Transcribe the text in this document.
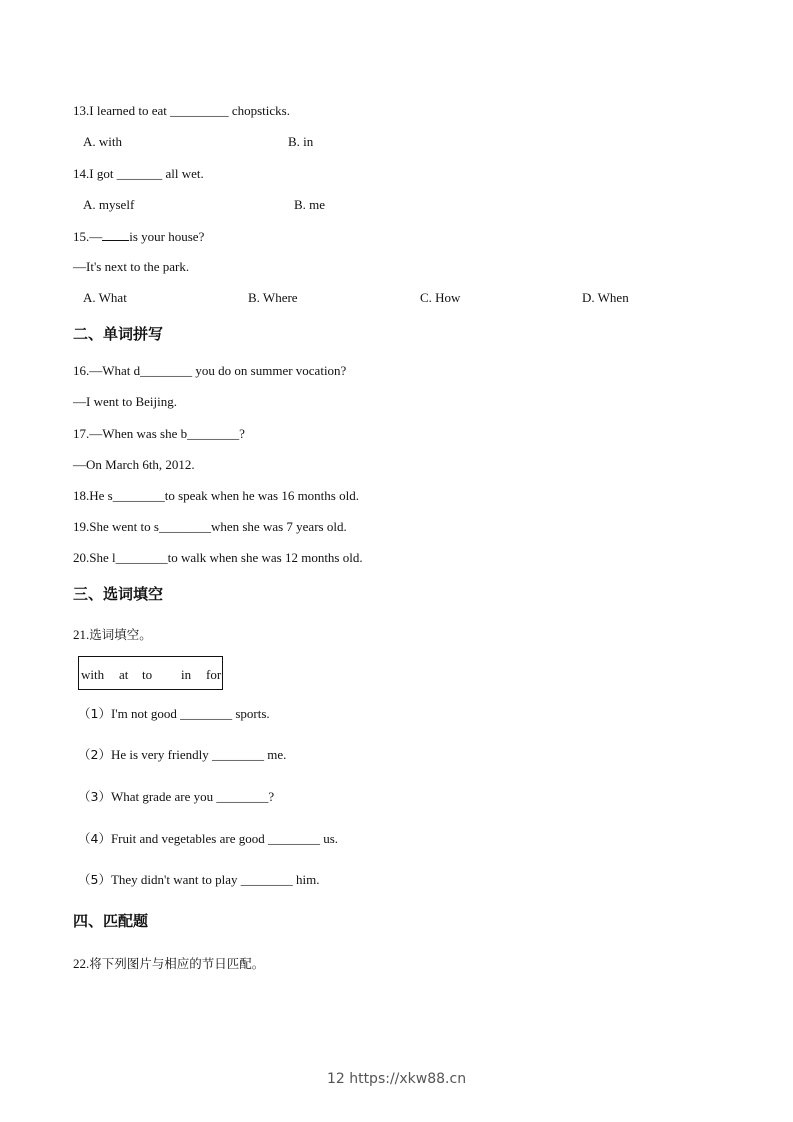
13.I learned to eat _________ chopsticks.
A. with	B. in
14.I got _______ all wet.
A. myself	B. me
15.— is your house?
—It's next to the park.
A. What	B. Where	C. How	D. When
二、单词拼写
16.—What d________ you do on summer vocation?
—I went to Beijing.
17.—When was she b________?
—On March 6th, 2012.
18.He s________to speak when he was 16 months old.
19.She went to s________when she was 7 years old.
20.She l________to walk when she was 12 months old.
三、选词填空
21.选词填空。
with at to in for
（1）I'm not good ________ sports.
（2）He is very friendly ________ me.
（3）What grade are you ________?
（4）Fruit and vegetables are good ________ us.
（5）They didn't want to play ________ him.
四、匹配题
22.将下列图片与相应的节日匹配。
12 https://xkw88.cn
